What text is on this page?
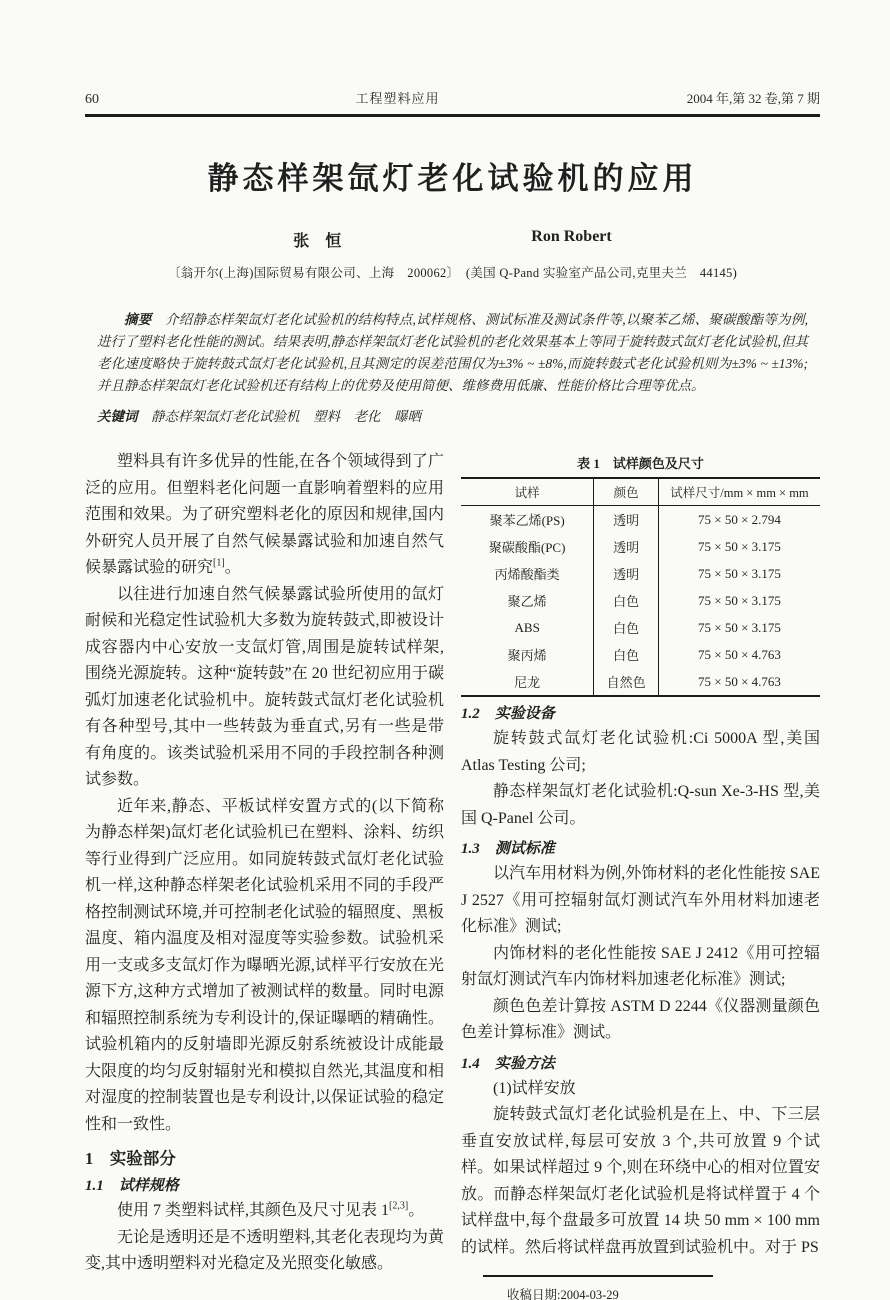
60	工程塑料应用	2004 年,第 32 卷,第 7 期
静态样架氙灯老化试验机的应用
张　恒	Ron Robert
〔翁开尔(上海)国际贸易有限公司、上海　200062〕　(美国 Q-Pand 实验室产品公司,克里夫兰　44145)

摘要 介绍静态样架氙灯老化试验机的结构特点,试样规格、测试标准及测试条件等,以聚苯乙烯、聚碳酸酯等为例,进行了塑料老化性能的测试。结果表明,静态样架氙灯老化试验机的老化效果基本上等同于旋转鼓式氙灯老化试验机,但其老化速度略快于旋转鼓式氙灯老化试验机,且其测定的误差范围仅为±3% ~ ±8%,而旋转鼓式老化试验机则为±3% ~ ±13%;并且静态样架氙灯老化试验机还有结构上的优势及使用简便、维修费用低廉、性能价格比合理等优点。

关键词 静态样架氙灯老化试验机　塑料　老化　曝晒

塑料具有许多优异的性能,在各个领域得到了广泛的应用。但塑料老化问题一直影响着塑料的应用范围和效果。为了研究塑料老化的原因和规律,国内外研究人员开展了自然气候暴露试验和加速自然气候暴露试验的研究[1]。

以往进行加速自然气候暴露试验所使用的氙灯耐候和光稳定性试验机大多数为旋转鼓式,即被设计成容器内中心安放一支氙灯管,周围是旋转试样架,围绕光源旋转。这种“旋转鼓”在 20 世纪初应用于碳弧灯加速老化试验机中。旋转鼓式氙灯老化试验机有各种型号,其中一些转鼓为垂直式,另有一些是带有角度的。该类试验机采用不同的手段控制各种测试参数。

近年来,静态、平板试样安置方式的(以下简称为静态样架)氙灯老化试验机已在塑料、涂料、纺织等行业得到广泛应用。如同旋转鼓式氙灯老化试验机一样,这种静态样架老化试验机采用不同的手段严格控制测试环境,并可控制老化试验的辐照度、黑板温度、箱内温度及相对湿度等实验参数。试验机采用一支或多支氙灯作为曝晒光源,试样平行安放在光源下方,这种方式增加了被测试样的数量。同时电源和辐照控制系统为专利设计的,保证曝晒的精确性。试验机箱内的反射墙即光源反射系统被设计成能最大限度的均匀反射辐射光和模拟自然光,其温度和相对湿度的控制装置也是专利设计,以保证试验的稳定性和一致性。

1　实验部分
1.1　试样规格

使用 7 类塑料试样,其颜色及尺寸见表 1[2,3]。

无论是透明还是不透明塑料,其老化表现均为黄变,其中透明塑料对光稳定及光照变化敏感。

表 1　试样颜色及尺寸
试样	颜色	试样尺寸/mm × mm × mm
聚苯乙烯(PS)	透明	75 × 50 × 2.794
聚碳酸酯(PC)	透明	75 × 50 × 3.175
丙烯酸酯类	透明	75 × 50 × 3.175
聚乙烯	白色	75 × 50 × 3.175
ABS	白色	75 × 50 × 3.175
聚丙烯	白色	75 × 50 × 4.763
尼龙	自然色	75 × 50 × 4.763
1.2　实验设备

旋转鼓式氙灯老化试验机:Ci 5000A 型,美国 Atlas Testing 公司;

静态样架氙灯老化试验机:Q-sun Xe-3-HS 型,美国 Q-Panel 公司。

1.3　测试标准

以汽车用材料为例,外饰材料的老化性能按 SAE J 2527《用可控辐射氙灯测试汽车外用材料加速老化标准》测试;

内饰材料的老化性能按 SAE J 2412《用可控辐射氙灯测试汽车内饰材料加速老化标准》测试;

颜色色差计算按 ASTM D 2244《仪器测量颜色色差计算标准》测试。

1.4　实验方法

(1)试样安放

旋转鼓式氙灯老化试验机是在上、中、下三层垂直安放试样,每层可安放 3 个,共可放置 9 个试样。如果试样超过 9 个,则在环绕中心的相对位置安放。而静态样架氙灯老化试验机是将试样置于 4 个试样盘中,每个盘最多可放置 14 块 50 mm × 100 mm 的试样。然后将试样盘再放置到试验机中。对于 PS

收稿日期:2004-03-29
